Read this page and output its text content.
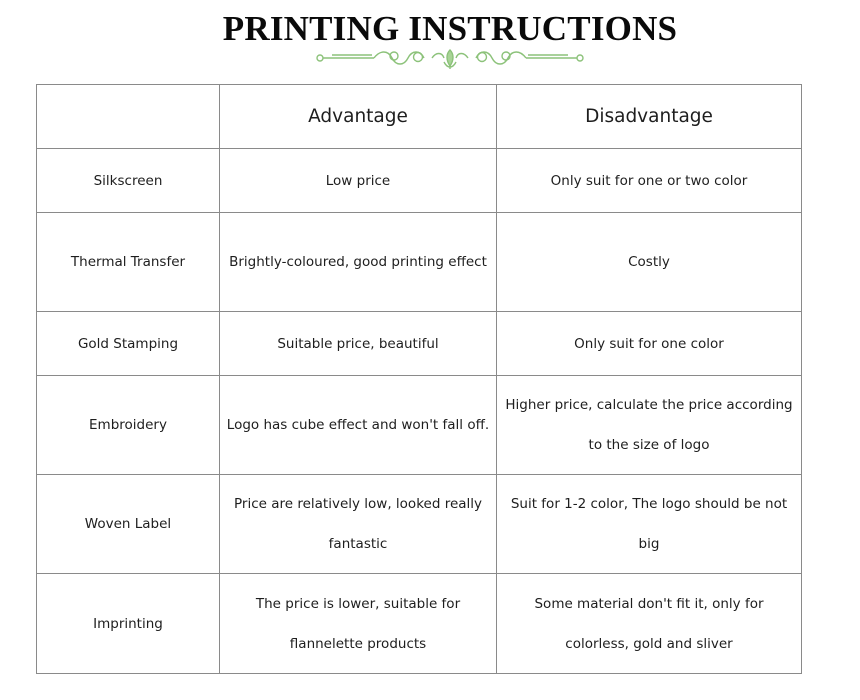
PRINTING INSTRUCTIONS
	Advantage	Disadvantage
Silkscreen	Low price	Only suit for one or two color
Thermal Transfer	Brightly-coloured, good printing effect	Costly
Gold Stamping	Suitable price, beautiful	Only suit for one color
Embroidery	Logo has cube effect and won't fall off.	Higher price, calculate the price according to the size of logo
Woven Label	Price are relatively low, looked really fantastic	Suit for 1-2 color, The logo should be not big
Imprinting	The price is lower, suitable for flannelette products	Some material don't fit it, only for colorless, gold and sliver
